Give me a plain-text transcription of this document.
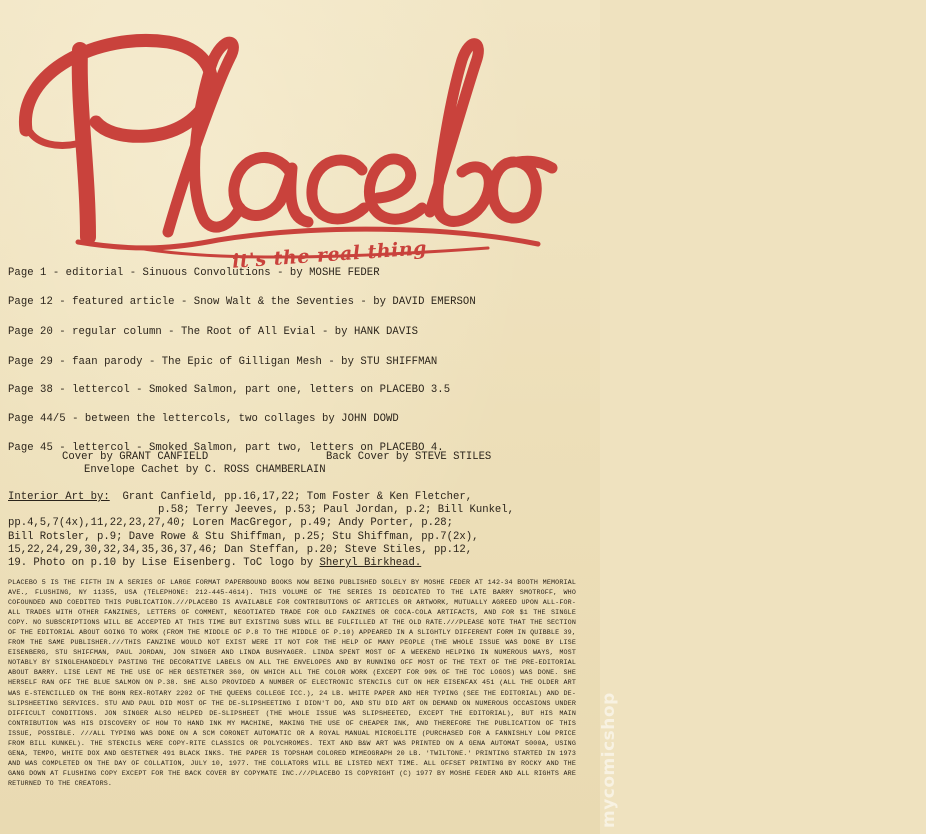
it's the real thing
Page 1 - editorial - Sinuous Convolutions - by MOSHE FEDER
Page 12 - featured article - Snow Walt & the Seventies - by DAVID EMERSON
Page 20 - regular column - The Root of All Evial - by HANK DAVIS
Page 29 - faan parody - The Epic of Gilligan Mesh - by STU SHIFFMAN
Page 38 - lettercol - Smoked Salmon, part one, letters on PLACEBO 3.5
Page 44/5 - between the lettercols, two collages by JOHN DOWD
Page 45 - lettercol - Smoked Salmon, part two, letters on PLACEBO 4.
Cover by GRANT CANFIELD	Back Cover by STEVE STILES
Envelope Cachet by C. ROSS CHAMBERLAIN
Interior Art by: Grant Canfield, pp.16,17,22; Tom Foster & Ken Fletcher,
p.58; Terry Jeeves, p.53; Paul Jordan, p.2; Bill Kunkel,
pp.4,5,7(4x),11,22,23,27,40; Loren MacGregor, p.49; Andy Porter, p.28;
Bill Rotsler, p.9; Dave Rowe & Stu Shiffman, p.25; Stu Shiffman, pp.7(2x),
15,22,24,29,30,32,34,35,36,37,46; Dan Steffan, p.20; Steve Stiles, pp.12,
19. Photo on p.10 by Lise Eisenberg. ToC logo by Sheryl Birkhead.
PLACEBO 5 IS THE FIFTH IN A SERIES OF LARGE FORMAT PAPERBOUND BOOKS NOW BEING PUBLISHED SOLELY BY MOSHE FEDER AT 142-34 BOOTH MEMORIAL AVE., FLUSHING, NY 11355, USA (TELEPHONE: 212-445-4614). THIS VOLUME OF THE SERIES IS DEDICATED TO THE LATE BARRY SMOTROFF, WHO COFOUNDED AND COEDITED THIS PUBLICATION.///PLACEBO IS AVAILABLE FOR CONTRIBUTIONS OF ARTICLES OR ARTWORK, MUTUALLY AGREED UPON ALL-FOR-ALL TRADES WITH OTHER FANZINES, LETTERS OF COMMENT, NEGOTIATED TRADE FOR OLD FANZINES OR COCA-COLA ARTIFACTS, AND FOR $1 THE SINGLE COPY. NO SUBSCRIPTIONS WILL BE ACCEPTED AT THIS TIME BUT EXISTING SUBS WILL BE FULFILLED AT THE OLD RATE.///PLEASE NOTE THAT THE SECTION OF THE EDITORIAL ABOUT GOING TO WORK (FROM THE MIDDLE OF P.8 TO THE MIDDLE OF P.10) APPEARED IN A SLIGHTLY DIFFERENT FORM IN QUIBBLE 39, FROM THE SAME PUBLISHER.///THIS FANZINE WOULD NOT EXIST WERE IT NOT FOR THE HELP OF MANY PEOPLE (THE WHOLE ISSUE WAS DONE BY LISE EISENBERG, STU SHIFFMAN, PAUL JORDAN, JON SINGER AND LINDA BUSHYAGER. LINDA SPENT MOST OF A WEEKEND HELPING IN NUMEROUS WAYS, MOST NOTABLY BY SINGLEHANDEDLY PASTING THE DECORATIVE LABELS ON ALL THE ENVELOPES AND BY RUNNING OFF MOST OF THE TEXT OF THE PRE-EDITORIAL ABOUT BARRY. LISE LENT ME THE USE OF HER GESTETNER 360, ON WHICH ALL THE COLOR WORK (EXCEPT FOR 90% OF THE TOC LOGOS) WAS DONE. SHE HERSELF RAN OFF THE BLUE SALMON ON P.38. SHE ALSO PROVIDED A NUMBER OF ELECTRONIC STENCILS CUT ON HER EISENFAX 451 (ALL THE OLDER ART WAS E-STENCILLED ON THE BOHN REX-ROTARY 2202 OF THE QUEENS COLLEGE ICC.), 24 LB. WHITE PAPER AND HER TYPING (SEE THE EDITORIAL) AND DE-SLIPSHEETING SERVICES. STU AND PAUL DID MOST OF THE DE-SLIPSHEETING I DIDN'T DO, AND STU DID ART ON DEMAND ON NUMEROUS OCCASIONS UNDER DIFFICULT CONDITIONS. JON SINGER ALSO HELPED DE-SLIPSHEET (THE WHOLE ISSUE WAS SLIPSHEETED, EXCEPT THE EDITORIAL), BUT HIS MAIN CONTRIBUTION WAS HIS DISCOVERY OF HOW TO HAND INK MY MACHINE, MAKING THE USE OF CHEAPER INK, AND THEREFORE THE PUBLICATION OF THIS ISSUE, POSSIBLE. ///ALL TYPING WAS DONE ON A SCM CORONET AUTOMATIC OR A ROYAL MANUAL MICROELITE (PURCHASED FOR A FANNISHLY LOW PRICE FROM BILL KUNKEL). THE STENCILS WERE COPY-RITE CLASSICS OR POLYCHROMES. TEXT AND B&W ART WAS PRINTED ON A GENA AUTOMAT 5000A, USING GENA, TEMPO, WHITE DOX AND GESTETNER 491 BLACK INKS. THE PAPER IS TOPSHAM COLORED MIMEOGRAPH 20 LB. 'TWILTONE.' PRINTING STARTED IN 1973 AND WAS COMPLETED ON THE DAY OF COLLATION, JULY 10, 1977. THE COLLATORS WILL BE LISTED NEXT TIME. ALL OFFSET PRINTING BY ROCKY AND THE GANG DOWN AT FLUSHING COPY EXCEPT FOR THE BACK COVER BY COPYMATE INC.///PLACEBO IS COPYRIGHT (C) 1977 BY MOSHE FEDER AND ALL RIGHTS ARE RETURNED TO THE CREATORS.	mycomicshop
